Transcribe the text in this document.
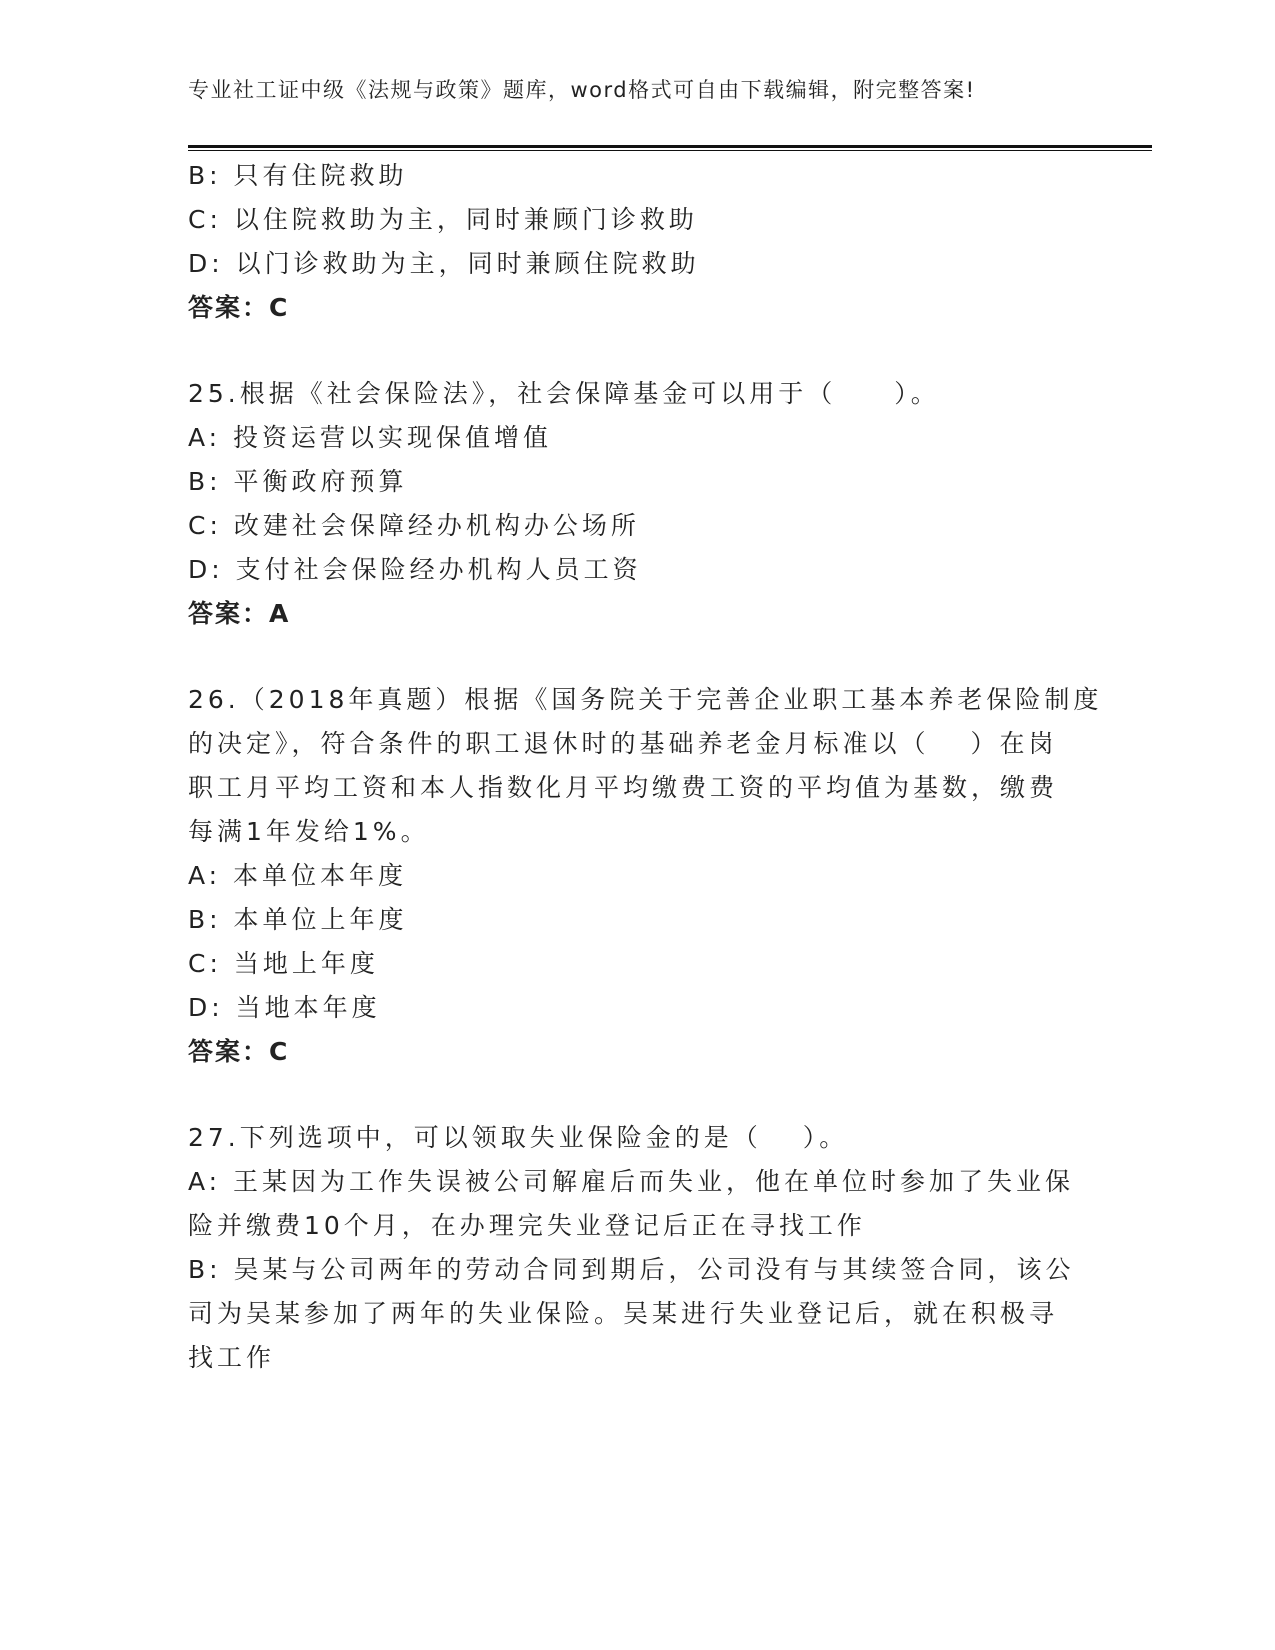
专业社工证中级《法规与政策》题库，word格式可自由下载编辑，附完整答案!
B: 只有住院救助
C: 以住院救助为主，同时兼顾门诊救助
D: 以门诊救助为主，同时兼顾住院救助
答案：C
25.根据《社会保险法》，社会保障基金可以用于（　　）。
A: 投资运营以实现保值增值
B: 平衡政府预算
C: 改建社会保障经办机构办公场所
D: 支付社会保险经办机构人员工资
答案：A
26.（2018年真题）根据《国务院关于完善企业职工基本养老保险制度
的决定》，符合条件的职工退休时的基础养老金月标准以（　 ）在岗
职工月平均工资和本人指数化月平均缴费工资的平均值为基数，缴费
每满1年发给1%。
A: 本单位本年度
B: 本单位上年度
C: 当地上年度
D: 当地本年度
答案：C
27.下列选项中，可以领取失业保险金的是（　 ）。
A: 王某因为工作失误被公司解雇后而失业，他在单位时参加了失业保
险并缴费10个月，在办理完失业登记后正在寻找工作
B: 吴某与公司两年的劳动合同到期后，公司没有与其续签合同，该公
司为吴某参加了两年的失业保险。吴某进行失业登记后，就在积极寻
找工作
